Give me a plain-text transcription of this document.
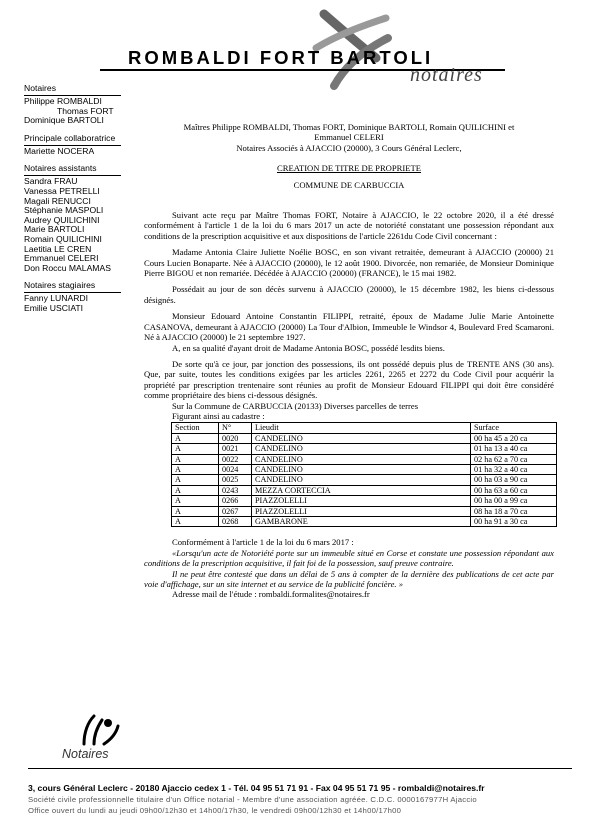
ROMBALDI FORT BARTOLI
notaires
Notaires
Philippe ROMBALDI
Thomas FORT
Dominique BARTOLI
Principale collaboratrice
Mariette NOCERA
Notaires assistants
Sandra FRAU
Vanessa PETRELLI
Magali RENUCCI
Stéphanie MASPOLI
Audrey QUILICHINI
Marie BARTOLI
Romain QUILICHINI
Laetitia LE CREN
Emmanuel CELERI
Don Roccu MALAMAS
Notaires stagiaires
Fanny LUNARDI
Emilie USCIATI

Maîtres Philippe ROMBALDI, Thomas FORT, Dominique BARTOLI, Romain QUILICHINI et

Emmanuel CELERI

Notaires Associés à AJACCIO (20000), 3 Cours Général Leclerc,

CREATION DE TITRE DE PROPRIETE

COMMUNE DE CARBUCCIA

Suivant acte reçu par Maître Thomas FORT, Notaire à AJACCIO, le 22 octobre 2020, il a été dressé conformément à l'article 1 de la loi du 6 mars 2017 un acte de notoriété constatant une possession répondant aux conditions de la prescription acquisitive et aux dispositions de l'article 2261du Code Civil concernant :

Madame Antonia Claire Juliette Noélie BOSC, en son vivant retraitée, demeurant à AJACCIO (20000) 21 Cours Lucien Bonaparte. Née à AJACCIO (20000), le 12 août 1900. Divorcée, non remariée, de Monsieur Dominique Pierre BIGOU et non remariée. Décédée à AJACCIO (20000) (FRANCE), le 15 mai 1982.

Possédait au jour de son décès survenu à AJACCIO (20000), le 15 décembre 1982, les biens ci-dessous désignés.

Monsieur Edouard Antoine Constantin FILIPPI, retraité, époux de Madame Julie Marie Antoinette CASANOVA, demeurant à AJACCIO (20000) La Tour d'Albion, Immeuble le Windsor 4, Boulevard Fred Scamaroni. Né à AJACCIO (20000) le 21 septembre 1927.

A, en sa qualité d'ayant droit de Madame Antonia BOSC, possédé lesdits biens.

De sorte qu'à ce jour, par jonction des possessions, ils ont possédé depuis plus de TRENTE ANS (30 ans). Que, par suite, toutes les conditions exigées par les articles 2261, 2265 et 2272 du Code Civil pour acquérir la propriété par prescription trentenaire sont réunies au profit de Monsieur Edouard FILIPPI qui doit être considéré comme propriétaire des biens ci-dessous désignés.

Sur la Commune de CARBUCCIA (20133) Diverses parcelles de terres

Figurant ainsi au cadastre :

Section	N°	Lieudit	Surface
A	0020	CANDELINO	00 ha 45 a 20 ca
A	0021	CANDELINO	01 ha 13 a 40 ca
A	0022	CANDELINO	02 ha 62 a 70 ca
A	0024	CANDELINO	01 ha 32 a 40 ca
A	0025	CANDELINO	00 ha 03 a 90 ca
A	0243	MEZZA CORTECCIA	00 ha 63 a 60 ca
A	0266	PIAZZOLELLI	00 ha 00 a 99 ca
A	0267	PIAZZOLELLI	08 ha 18 a 70 ca
A	0268	GAMBARONE	00 ha 91 a 30 ca

Conformément à l'article 1 de la loi du 6 mars 2017 :

«Lorsqu'un acte de Notoriété porte sur un immeuble situé en Corse et constate une possession répondant aux conditions de la prescription acquisitive, il fait foi de la possession, sauf preuve contraire.

Il ne peut être contesté que dans un délai de 5 ans à compter de la dernière des publications de cet acte par voie d'affichage, sur un site internet et au service de la publicité foncière. »

Adresse mail de l'étude : rombaldi.formalites@notaires.fr

Notaires
3, cours Général Leclerc - 20180 Ajaccio cedex 1 - Tél. 04 95 51 71 91 - Fax 04 95 51 71 95 - rombaldi@notaires.fr
Société civile professionnelle titulaire d'un Office notarial - Membre d'une association agréée. C.D.C. 0000167977H Ajaccio
Office ouvert du lundi au jeudi 09h00/12h30 et 14h00/17h30, le vendredi 09h00/12h30 et 14h00/17h00
